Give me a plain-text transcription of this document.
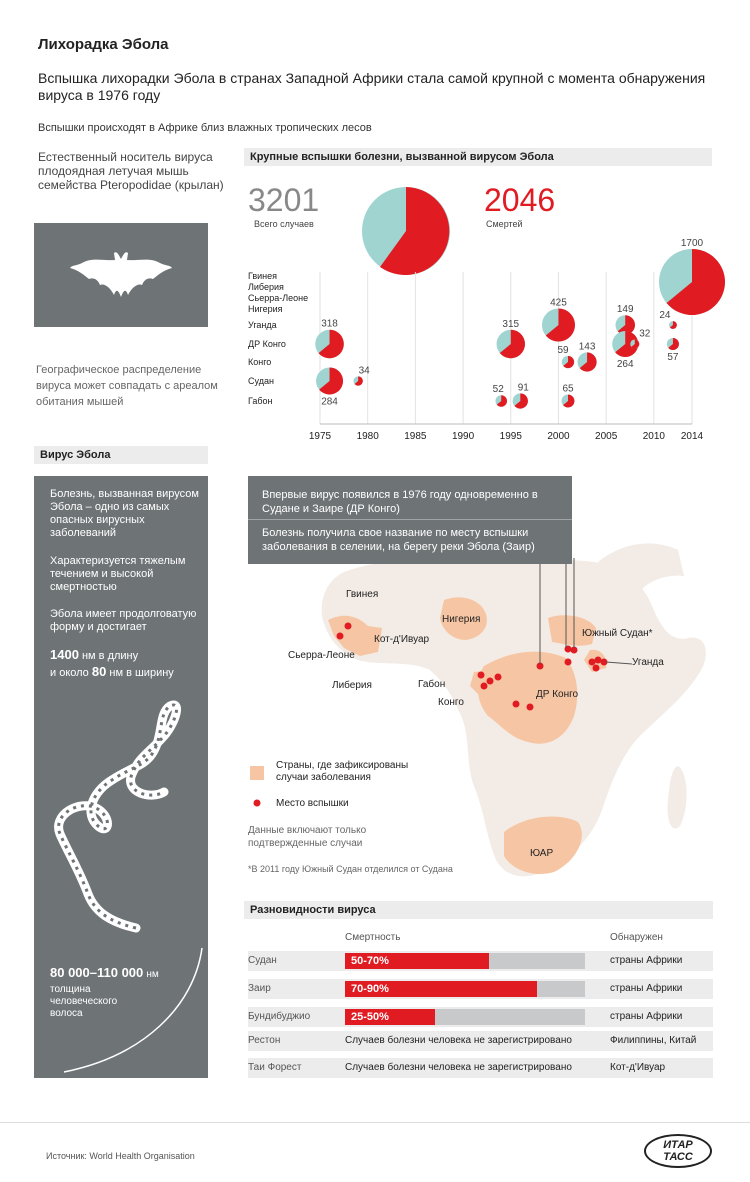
Лихорадка Эбола
Вспышка лихорадки Эбола в странах Западной Африки стала самой крупной с момента обнаружения вируса в 1976 году
Вспышки происходят в Африке близ влажных тропических лесов
Естественный носитель вируса плодоядная летучая мышь семейства Pteropodidae (крылан)
Географическое распределение вируса может совпадать с ареалом обитания мышей
Крупные вспышки болезни, вызванной вирусом Эбола
3201
Всего случаев
2046
Смертей
Гвинея
Либерия
Сьерра-Леоне
Нигерия
Уганда
ДР Конго
Конго
Судан
Габон
1975	1980	1985	1990	1995	2000	2005	2010 2014
318
284
34
315
52 91
425
65
59 143
149
264
32
24
57
1700
Вирус Эбола
Болезнь, вызванная вирусом Эбола – одно из самых опасных вирусных заболеваний
Характеризуется тяжелым течением и высокой смертностью
Эбола имеет продолговатую форму и достигает
1400 нм в длину
и около 80 нм в ширину
80 000–110 000 нм
толщина человеческого волоса
Впервые вирус появился в 1976 году одновременно в Судане и Заире (ДР Конго)
Болезнь получила свое название по месту вспышки заболевания в селении, на берегу реки Эбола (Заир)
Гвинея
Кот-д'Ивуар
Нигерия
Сьерра-Леоне
Либерия	Габон
Конго
ДР Конго
Южный Судан*
Уганда
ЮАР
Страны, где зафиксированы случаи заболевания
Место вспышки
Данные включают только подтвержденные случаи
*В 2011 году Южный Судан отделился от Судана
Разновидности вируса
Смертность	Обнаружен
Судан	50-70%	страны Африки
Заир	70-90%	страны Африки
Бундибуджио	25-50%	страны Африки
Рестон	Случаев болезни человека не зарегистрировано	Филиппины, Китай
Таи Форест	Случаев болезни человека не зарегистрировано	Кот-д'Ивуар
Источник: World Health Organisation
ИТАР
ТАСС
